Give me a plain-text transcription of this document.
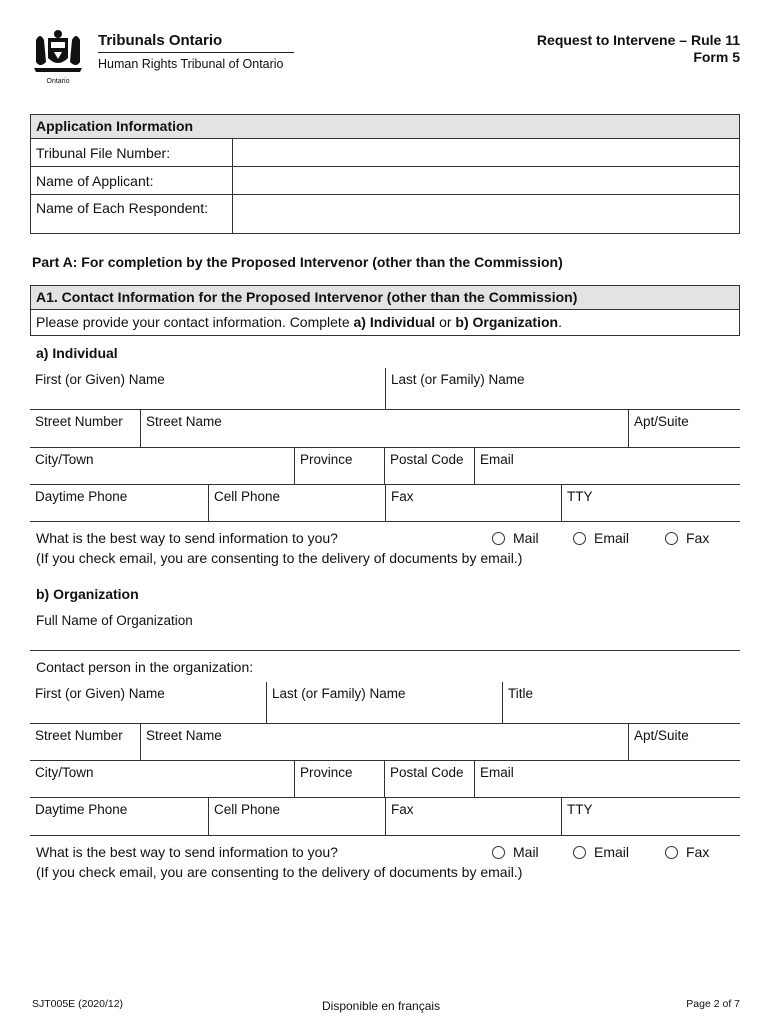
Ontario
Tribunals Ontario
Human Rights Tribunal of Ontario
Request to Intervene – Rule 11
Form 5
Application Information
Tribunal File Number:
Name of Applicant:
Name of Each Respondent:
Part A: For completion by the Proposed Intervenor (other than the Commission)
A1. Contact Information for the Proposed Intervenor (other than the Commission)
Please provide your contact information. Complete a) Individual or b) Organization.
a) Individual
First (or Given) Name	Last (or Family) Name
Street Number Street Name	Apt/Suite
City/Town	Province	Postal Code Email
Daytime Phone	Cell Phone	Fax	TTY
What is the best way to send information to you?
(If you check email, you are consenting to the delivery of documents by email.)
Mail	Email	Fax
b) Organization
Full Name of Organization
Contact person in the organization:
First (or Given) Name	Last (or Family) Name	Title
Street Number Street Name	Apt/Suite
City/Town	Province	Postal Code Email
Daytime Phone	Cell Phone	Fax	TTY
What is the best way to send information to you?
(If you check email, you are consenting to the delivery of documents by email.)
Mail	Email	Fax
SJT005E (2020/12)	Disponible en français	Page 2 of 7
